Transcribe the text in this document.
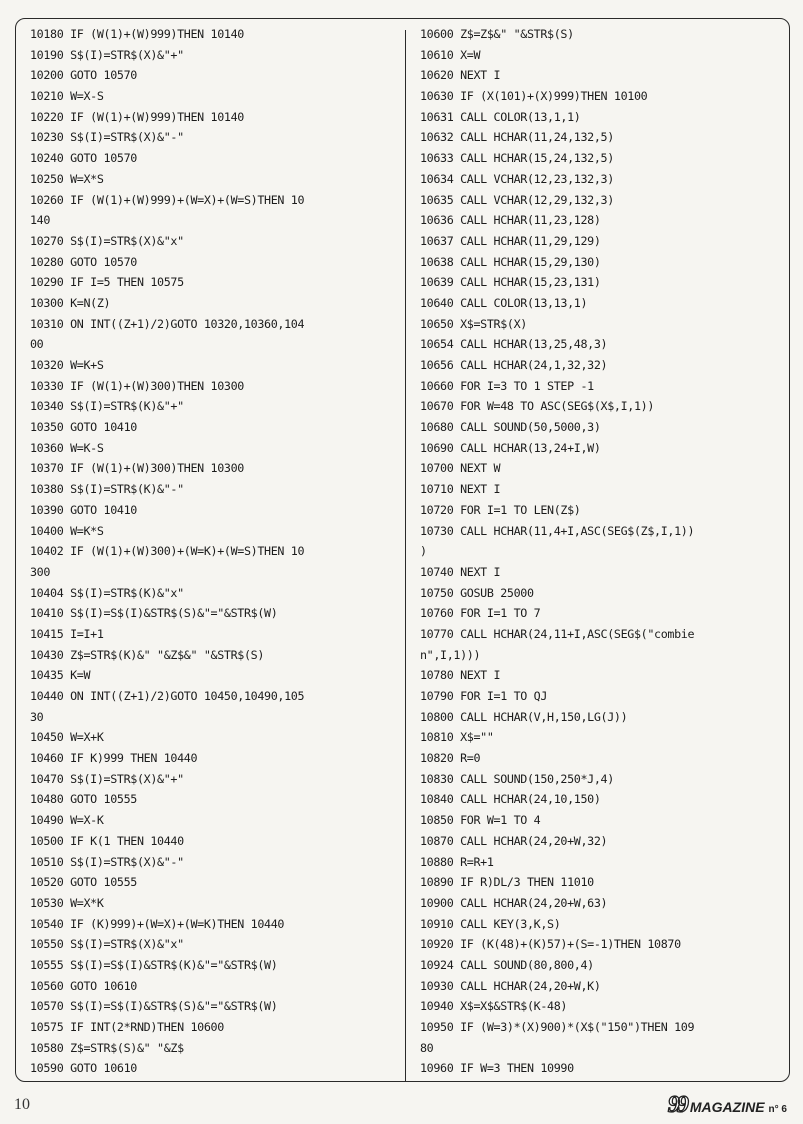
10180 IF (W(1)+(W)999)THEN 10140
10190 S$(I)=STR$(X)&"+"
10200 GOTO 10570
10210 W=X-S
10220 IF (W(1)+(W)999)THEN 10140
10230 S$(I)=STR$(X)&"-"
10240 GOTO 10570
10250 W=X*S
10260 IF (W(1)+(W)999)+(W=X)+(W=S)THEN 10
140
10270 S$(I)=STR$(X)&"x"
10280 GOTO 10570
10290 IF I=5 THEN 10575
10300 K=N(Z)
10310 ON INT((Z+1)/2)GOTO 10320,10360,104
00
10320 W=K+S
10330 IF (W(1)+(W)300)THEN 10300
10340 S$(I)=STR$(K)&"+"
10350 GOTO 10410
10360 W=K-S
10370 IF (W(1)+(W)300)THEN 10300
10380 S$(I)=STR$(K)&"-"
10390 GOTO 10410
10400 W=K*S
10402 IF (W(1)+(W)300)+(W=K)+(W=S)THEN 10
300
10404 S$(I)=STR$(K)&"x"
10410 S$(I)=S$(I)&STR$(S)&"="&STR$(W)
10415 I=I+1
10430 Z$=STR$(K)&" "&Z$&" "&STR$(S)
10435 K=W
10440 ON INT((Z+1)/2)GOTO 10450,10490,105
30
10450 W=X+K
10460 IF K)999 THEN 10440
10470 S$(I)=STR$(X)&"+"
10480 GOTO 10555
10490 W=X-K
10500 IF K(1 THEN 10440
10510 S$(I)=STR$(X)&"-"
10520 GOTO 10555
10530 W=X*K
10540 IF (K)999)+(W=X)+(W=K)THEN 10440
10550 S$(I)=STR$(X)&"x"
10555 S$(I)=S$(I)&STR$(K)&"="&STR$(W)
10560 GOTO 10610
10570 S$(I)=S$(I)&STR$(S)&"="&STR$(W)
10575 IF INT(2*RND)THEN 10600
10580 Z$=STR$(S)&" "&Z$
10590 GOTO 10610
10600 Z$=Z$&" "&STR$(S)
10610 X=W
10620 NEXT I
10630 IF (X(101)+(X)999)THEN 10100
10631 CALL COLOR(13,1,1)
10632 CALL HCHAR(11,24,132,5)
10633 CALL HCHAR(15,24,132,5)
10634 CALL VCHAR(12,23,132,3)
10635 CALL VCHAR(12,29,132,3)
10636 CALL HCHAR(11,23,128)
10637 CALL HCHAR(11,29,129)
10638 CALL HCHAR(15,29,130)
10639 CALL HCHAR(15,23,131)
10640 CALL COLOR(13,13,1)
10650 X$=STR$(X)
10654 CALL HCHAR(13,25,48,3)
10656 CALL HCHAR(24,1,32,32)
10660 FOR I=3 TO 1 STEP -1
10670 FOR W=48 TO ASC(SEG$(X$,I,1))
10680 CALL SOUND(50,5000,3)
10690 CALL HCHAR(13,24+I,W)
10700 NEXT W
10710 NEXT I
10720 FOR I=1 TO LEN(Z$)
10730 CALL HCHAR(11,4+I,ASC(SEG$(Z$,I,1))
)
10740 NEXT I
10750 GOSUB 25000
10760 FOR I=1 TO 7
10770 CALL HCHAR(24,11+I,ASC(SEG$("combie
n",I,1)))
10780 NEXT I
10790 FOR I=1 TO QJ
10800 CALL HCHAR(V,H,150,LG(J))
10810 X$=""
10820 R=0
10830 CALL SOUND(150,250*J,4)
10840 CALL HCHAR(24,10,150)
10850 FOR W=1 TO 4
10870 CALL HCHAR(24,20+W,32)
10880 R=R+1
10890 IF R)DL/3 THEN 11010
10900 CALL HCHAR(24,20+W,63)
10910 CALL KEY(3,K,S)
10920 IF (K(48)+(K)57)+(S=-1)THEN 10870
10924 CALL SOUND(80,800,4)
10930 CALL HCHAR(24,20+W,K)
10940 X$=X$&STR$(K-48)
10950 IF (W=3)*(X)900)*(X$("150")THEN 109
80
10960 IF W=3 THEN 10990
10	99 MAGAZINE n° 6
